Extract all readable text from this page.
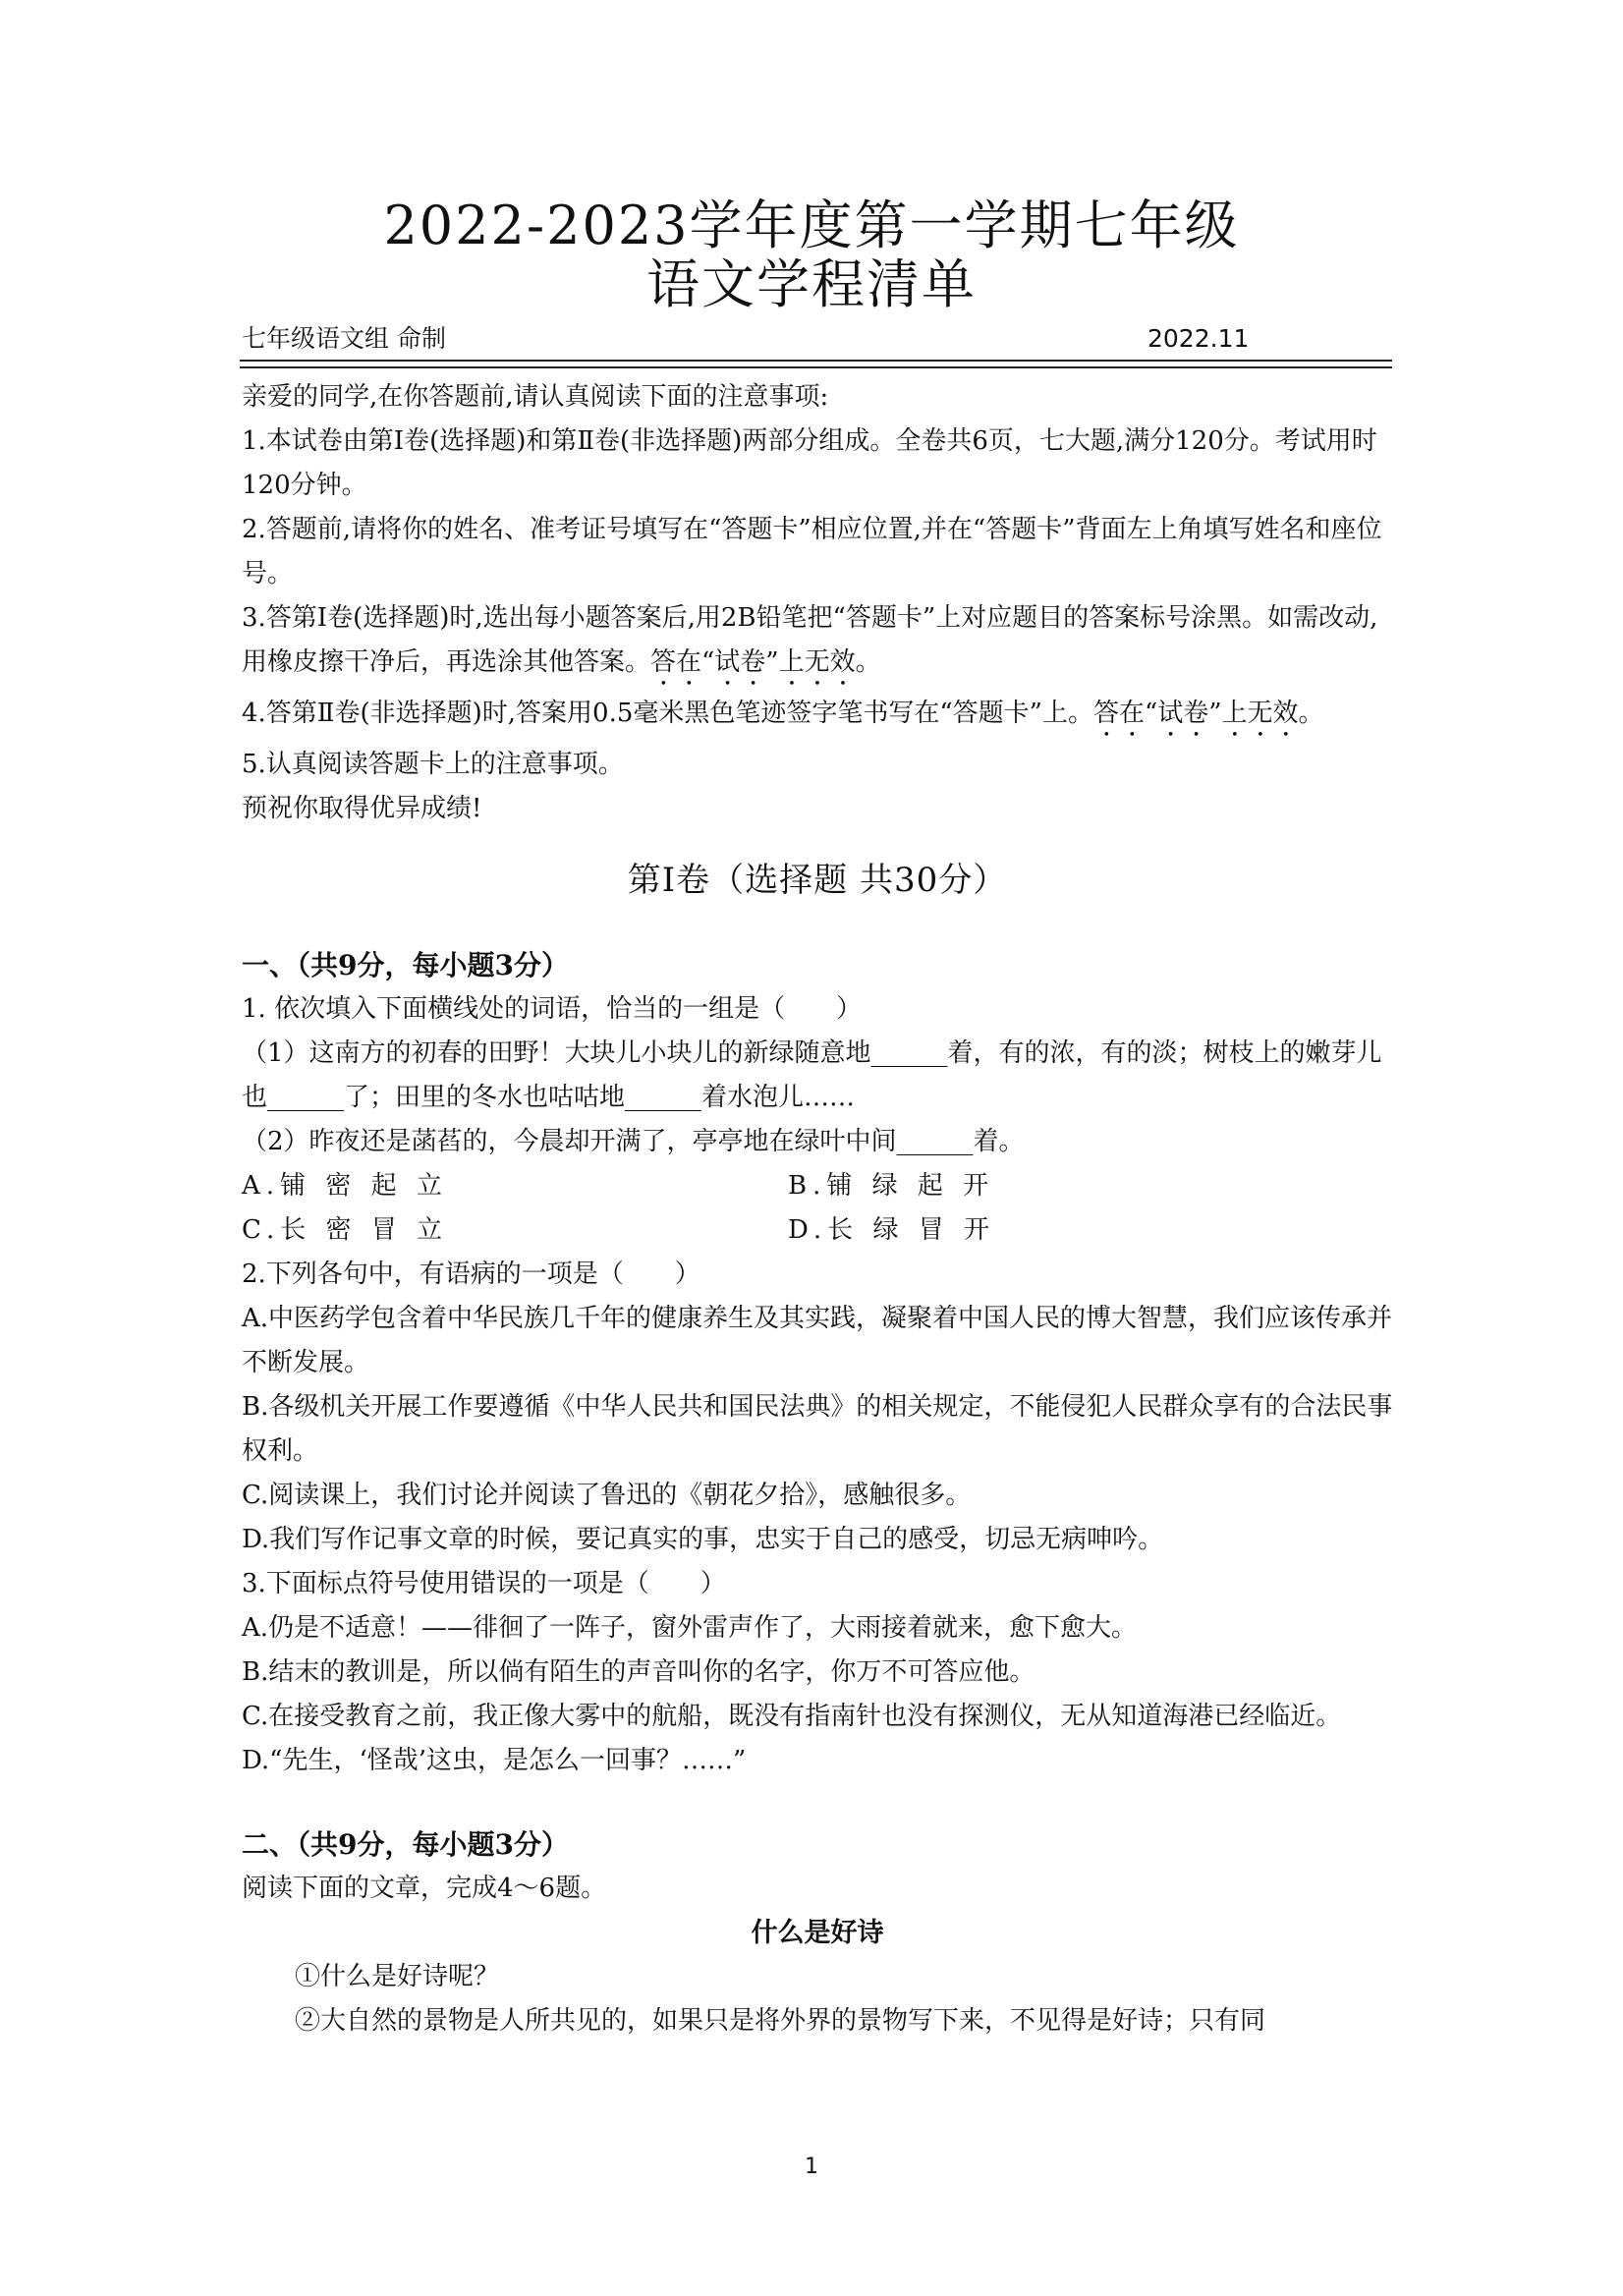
2022-2023学年度第一学期七年级
语文学程清单
七年级语文组 命制	2022.11

亲爱的同学,在你答题前,请认真阅读下面的注意事项:

1.本试卷由第Ⅰ卷(选择题)和第Ⅱ卷(非选择题)两部分组成。全卷共6页，七大题,满分120分。考试用时120分钟。

2.答题前,请将你的姓名、准考证号填写在“答题卡”相应位置,并在“答题卡”背面左上角填写姓名和座位号。

3.答第Ⅰ卷(选择题)时,选出每小题答案后,用2B铅笔把“答题卡”上对应题目的答案标号涂黑。如需改动,用橡皮擦干净后，再选涂其他答案。答在“试卷”上无效。

4.答第Ⅱ卷(非选择题)时,答案用0.5毫米黑色笔迹签字笔书写在“答题卡”上。答在“试卷”上无效。

5.认真阅读答题卡上的注意事项。

预祝你取得优异成绩!

第Ⅰ卷（选择题 共30分）

一、（共9分，每小题3分）

1. 依次填入下面横线处的词语，恰当的一组是（　　）

（1）这南方的初春的田野！大块儿小块儿的新绿随意地______着，有的浓，有的淡；树枝上的嫩芽儿也______了；田里的冬水也咕咕地______着水泡儿……

（2）昨夜还是菡萏的，今晨却开满了，亭亭地在绿叶中间______着。

A.铺 密 起 立	B.铺 绿 起 开
C.长 密 冒 立	D.长 绿 冒 开

2.下列各句中，有语病的一项是（　　）

A.中医药学包含着中华民族几千年的健康养生及其实践，凝聚着中国人民的博大智慧，我们应该传承并不断发展。

B.各级机关开展工作要遵循《中华人民共和国民法典》的相关规定，不能侵犯人民群众享有的合法民事权利。

C.阅读课上，我们讨论并阅读了鲁迅的《朝花夕拾》，感触很多。

D.我们写作记事文章的时候，要记真实的事，忠实于自己的感受，切忌无病呻吟。

3.下面标点符号使用错误的一项是（　　）

A.仍是不适意！——徘徊了一阵子，窗外雷声作了，大雨接着就来，愈下愈大。

B.结末的教训是，所以倘有陌生的声音叫你的名字，你万不可答应他。

C.在接受教育之前，我正像大雾中的航船，既没有指南针也没有探测仪，无从知道海港已经临近。

D.“先生，‘怪哉’这虫，是怎么一回事？……”

二、（共9分，每小题3分）

阅读下面的文章，完成4～6题。

什么是好诗

①什么是好诗呢？

②大自然的景物是人所共见的，如果只是将外界的景物写下来，不见得是好诗；只有同

1
